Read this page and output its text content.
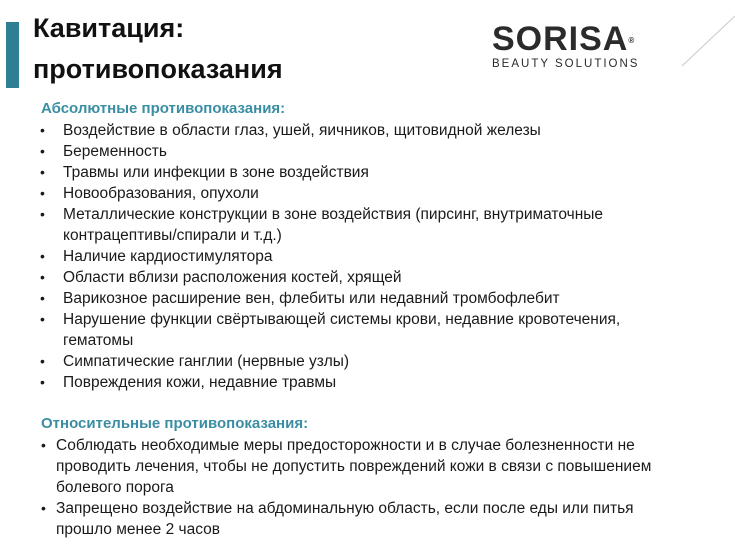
Кавитация:
противопоказания
SORISA®
BEAUTY SOLUTIONS
Абсолютные противопоказания:
• Воздействие в области глаз, ушей, яичников, щитовидной железы
• Беременность
• Травмы или инфекции в зоне воздействия
• Новообразования, опухоли
• Металлические конструкции в зоне воздействия (пирсинг, внутриматочные
контрацептивы/спирали и т.д.)
• Наличие кардиостимулятора
• Области вблизи расположения костей, хрящей
• Варикозное расширение вен, флебиты или недавний тромбофлебит
• Нарушение функции свёртывающей системы крови, недавние кровотечения,
гематомы
• Симпатические ганглии (нервные узлы)
• Повреждения кожи, недавние травмы
Относительные противопоказания:
• Соблюдать необходимые меры предосторожности и в случае болезненности не
проводить лечения, чтобы не допустить повреждений кожи в связи с повышением
болевого порога
• Запрещено воздействие на абдоминальную область, если после еды или питья
прошло менее 2 часов
